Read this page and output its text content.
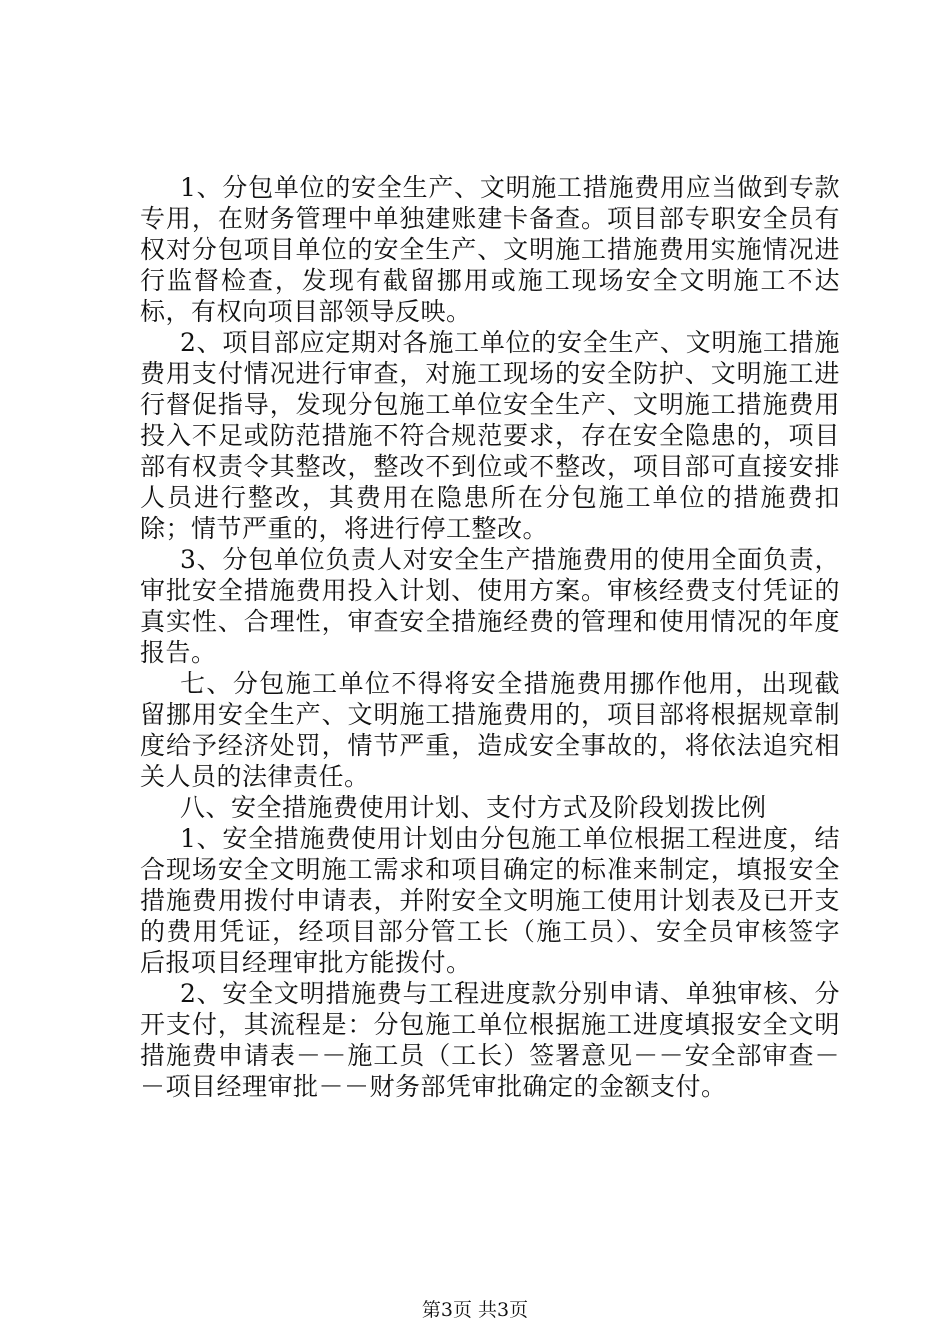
1、分包单位的安全生产、文明施工措施费用应当做到专款专用，在财务管理中单独建账建卡备查。项目部专职安全员有权对分包项目单位的安全生产、文明施工措施费用实施情况进行监督检查，发现有截留挪用或施工现场安全文明施工不达标，有权向项目部领导反映。

2、项目部应定期对各施工单位的安全生产、文明施工措施费用支付情况进行审查，对施工现场的安全防护、文明施工进行督促指导，发现分包施工单位安全生产、文明施工措施费用投入不足或防范措施不符合规范要求，存在安全隐患的，项目部有权责令其整改，整改不到位或不整改，项目部可直接安排人员进行整改，其费用在隐患所在分包施工单位的措施费扣除；情节严重的，将进行停工整改。

3、分包单位负责人对安全生产措施费用的使用全面负责，审批安全措施费用投入计划、使用方案。审核经费支付凭证的真实性、合理性，审查安全措施经费的管理和使用情况的年度报告。

七、分包施工单位不得将安全措施费用挪作他用，出现截留挪用安全生产、文明施工措施费用的，项目部将根据规章制度给予经济处罚，情节严重，造成安全事故的，将依法追究相关人员的法律责任。

八、安全措施费使用计划、支付方式及阶段划拨比例

1、安全措施费使用计划由分包施工单位根据工程进度，结合现场安全文明施工需求和项目确定的标准来制定，填报安全措施费用拨付申请表，并附安全文明施工使用计划表及已开支的费用凭证，经项目部分管工长（施工员）、安全员审核签字后报项目经理审批方能拨付。

2、安全文明措施费与工程进度款分别申请、单独审核、分开支付，其流程是：分包施工单位根据施工进度填报安全文明措施费申请表－－施工员（工长）签署意见－－安全部审查－－项目经理审批－－财务部凭审批确定的金额支付。

第3页 共3页
